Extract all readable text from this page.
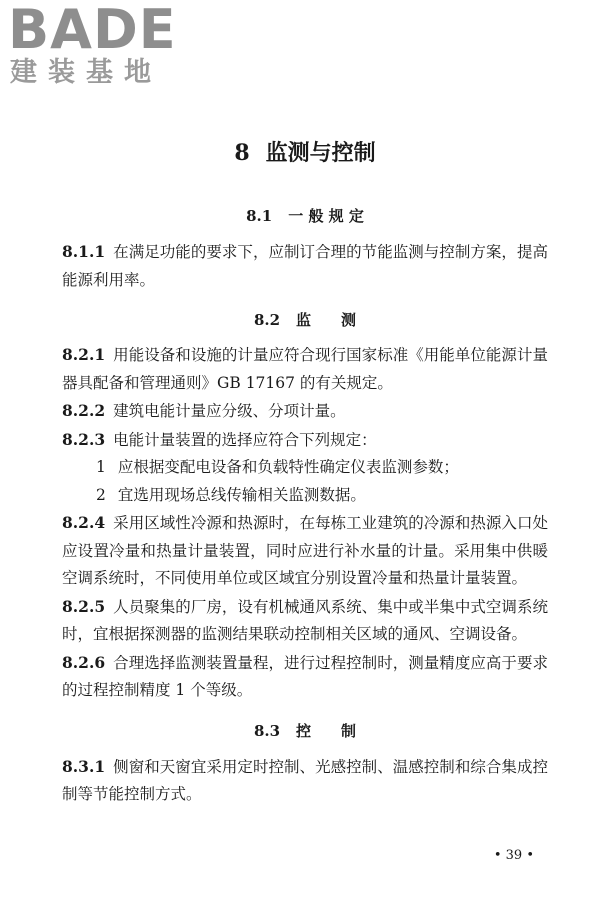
BADE
建装基地
8 监测与控制
8.1 一 般 规 定

8.1.1 在满足功能的要求下，应制订合理的节能监测与控制方案，提高能源利用率。

8.2 监　　测

8.2.1 用能设备和设施的计量应符合现行国家标准《用能单位能源计量器具配备和管理通则》GB 17167 的有关规定。

8.2.2 建筑电能计量应分级、分项计量。

8.2.3 电能计量装置的选择应符合下列规定：

1 应根据变配电设备和负载特性确定仪表监测参数；

2 宜选用现场总线传输相关监测数据。

8.2.4 采用区域性冷源和热源时，在每栋工业建筑的冷源和热源入口处应设置冷量和热量计量装置，同时应进行补水量的计量。采用集中供暖空调系统时，不同使用单位或区域宜分别设置冷量和热量计量装置。

8.2.5 人员聚集的厂房，设有机械通风系统、集中或半集中式空调系统时，宜根据探测器的监测结果联动控制相关区域的通风、空调设备。

8.2.6 合理选择监测装置量程，进行过程控制时，测量精度应高于要求的过程控制精度 1 个等级。

8.3 控　　制

8.3.1 侧窗和天窗宜采用定时控制、光感控制、温感控制和综合集成控制等节能控制方式。

• 39 •
